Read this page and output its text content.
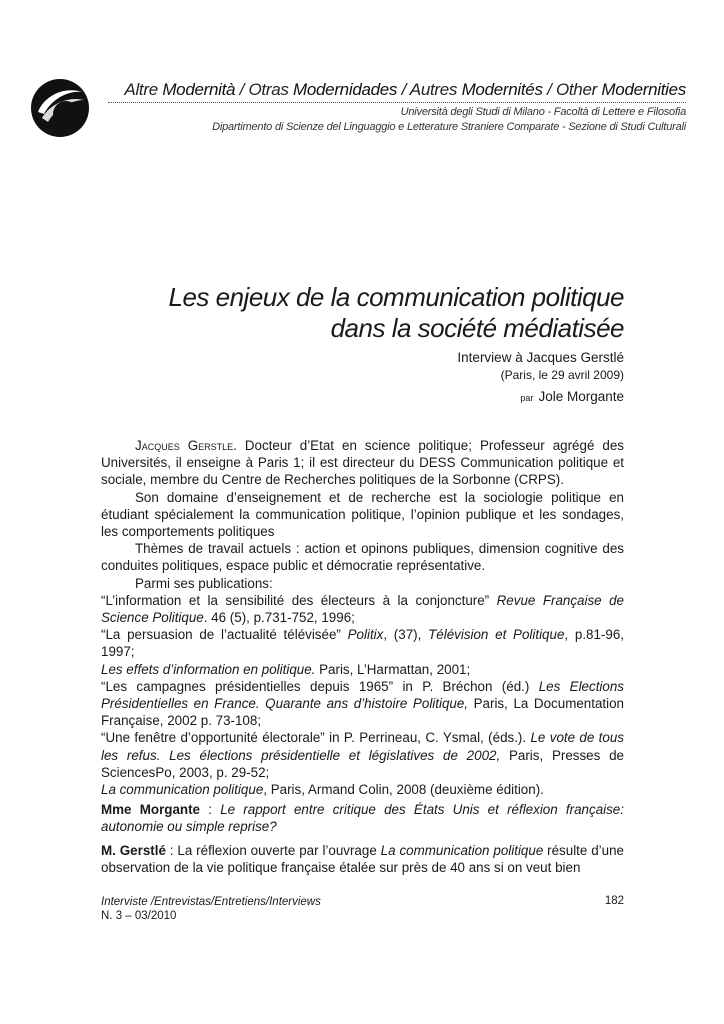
Altre Modernità / Otras Modernidades / Autres Modernités / Other Modernities
Università degli Studi di Milano - Facoltà di Lettere e Filosofia
Dipartimento di Scienze del Linguaggio e Letterature Straniere Comparate - Sezione di Studi Culturali
Les enjeux de la communication politique
dans la société médiatisée
Interview à Jacques Gerstlé
(Paris, le 29 avril 2009)
par Jole Morgante

Jacques Gerstle. Docteur d’Etat en science politique; Professeur agrégé des Universités, il enseigne à Paris 1; il est directeur du DESS Communication politique et sociale, membre du Centre de Recherches politiques de la Sorbonne (CRPS).

Son domaine d’enseignement et de recherche est la sociologie politique en étudiant spécialement la communication politique, l’opinion publique et les sondages, les comportements politiques

Thèmes de travail actuels : action et opinons publiques, dimension cognitive des conduites politiques, espace public et démocratie représentative.

Parmi ses publications:

“L’information et la sensibilité des électeurs à la conjoncture” Revue Française de Science Politique. 46 (5), p.731-752, 1996;

“La persuasion de l’actualité télévisée” Politix, (37), Télévision et Politique, p.81-96, 1997;

Les effets d’information en politique. Paris, L’Harmattan, 2001;

“Les campagnes présidentielles depuis 1965” in P. Bréchon (éd.) Les Elections Présidentielles en France. Quarante ans d’histoire Politique, Paris, La Documentation Française, 2002 p. 73-108;

“Une fenêtre d’opportunité électorale” in P. Perrineau, C. Ysmal, (éds.). Le vote de tous les refus. Les élections présidentielle et législatives de 2002, Paris, Presses de SciencesPo, 2003, p. 29-52;

La communication politique, Paris, Armand Colin, 2008 (deuxième édition).

Mme Morgante : Le rapport entre critique des États Unis et réflexion française: autonomie ou simple reprise?

M. Gerstlé : La réflexion ouverte par l’ouvrage La communication politique résulte d’une observation de la vie politique française étalée sur près de 40 ans si on veut bien

Interviste /Entrevistas/Entretiens/Interviews
N. 3 – 03/2010
182
